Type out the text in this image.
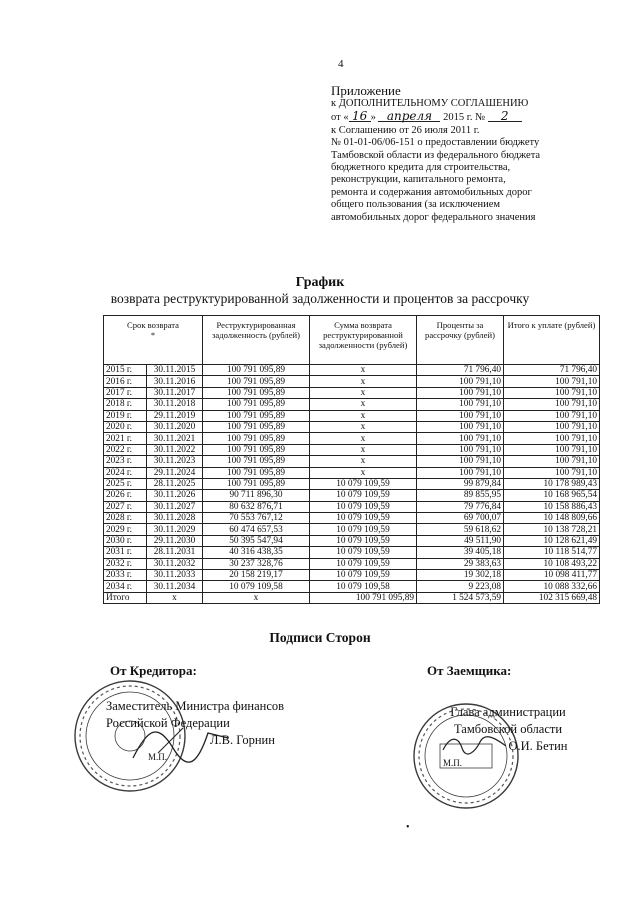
4
Приложение
к ДОПОЛНИТЕЛЬНОМУ СОГЛАШЕНИЮ
от « 16 » апреля 2015 г. № 2
к Соглашению от 26 июля 2011 г.
№ 01-01-06/06-151 о предоставлении бюджету
Тамбовской области из федерального бюджета
бюджетного кредита для строительства,
реконструкции, капитального ремонта,
ремонта и содержания автомобильных дорог
общего пользования (за исключением
автомобильных дорог федерального значения
График
возврата реструктурированной задолженности и процентов за рассрочку
Срок возврата
*		Реструктурированная задолженность (рублей)	Сумма возврата реструктурированной задолженности (рублей)	Проценты за рассрочку (рублей)	Итого к уплате (рублей)
2015 г.	30.11.2015	100 791 095,89	х	71 796,40	71 796,40
2016 г.	30.11.2016	100 791 095,89	х	100 791,10	100 791,10
2017 г.	30.11.2017	100 791 095,89	х	100 791,10	100 791,10
2018 г.	30.11.2018	100 791 095,89	х	100 791,10	100 791,10
2019 г.	29.11.2019	100 791 095,89	х	100 791,10	100 791,10
2020 г.	30.11.2020	100 791 095,89	х	100 791,10	100 791,10
2021 г.	30.11.2021	100 791 095,89	х	100 791,10	100 791,10
2022 г.	30.11.2022	100 791 095,89	х	100 791,10	100 791,10
2023 г.	30.11.2023	100 791 095,89	х	100 791,10	100 791,10
2024 г.	29.11.2024	100 791 095,89	х	100 791,10	100 791,10
2025 г.	28.11.2025	100 791 095,89	10 079 109,59	99 879,84	10 178 989,43
2026 г.	30.11.2026	90 711 896,30	10 079 109,59	89 855,95	10 168 965,54
2027 г.	30.11.2027	80 632 876,71	10 079 109,59	79 776,84	10 158 886,43
2028 г.	30.11.2028	70 553 767,12	10 079 109,59	69 700,07	10 148 809,66
2029 г.	30.11.2029	60 474 657,53	10 079 109,59	59 618,62	10 138 728,21
2030 г.	29.11.2030	50 395 547,94	10 079 109,59	49 511,90	10 128 621,49
2031 г.	28.11.2031	40 316 438,35	10 079 109,59	39 405,18	10 118 514,77
2032 г.	30.11.2032	30 237 328,76	10 079 109,59	29 383,63	10 108 493,22
2033 г.	30.11.2033	20 158 219,17	10 079 109,59	19 302,18	10 098 411,77
2034 г.	30.11.2034	10 079 109,58	10 079 109,58	9 223,08	10 088 332,66
Итого	х	х	100 791 095,89	1 524 573,59	102 315 669,48
Подписи Сторон
От Кредитора:	От Заемщика:
Заместитель Министра финансов
Российской Федерации
Л.В. Горнин
М.П.
Глава администрации
Тамбовской области
О.И. Бетин
М.П.
•
